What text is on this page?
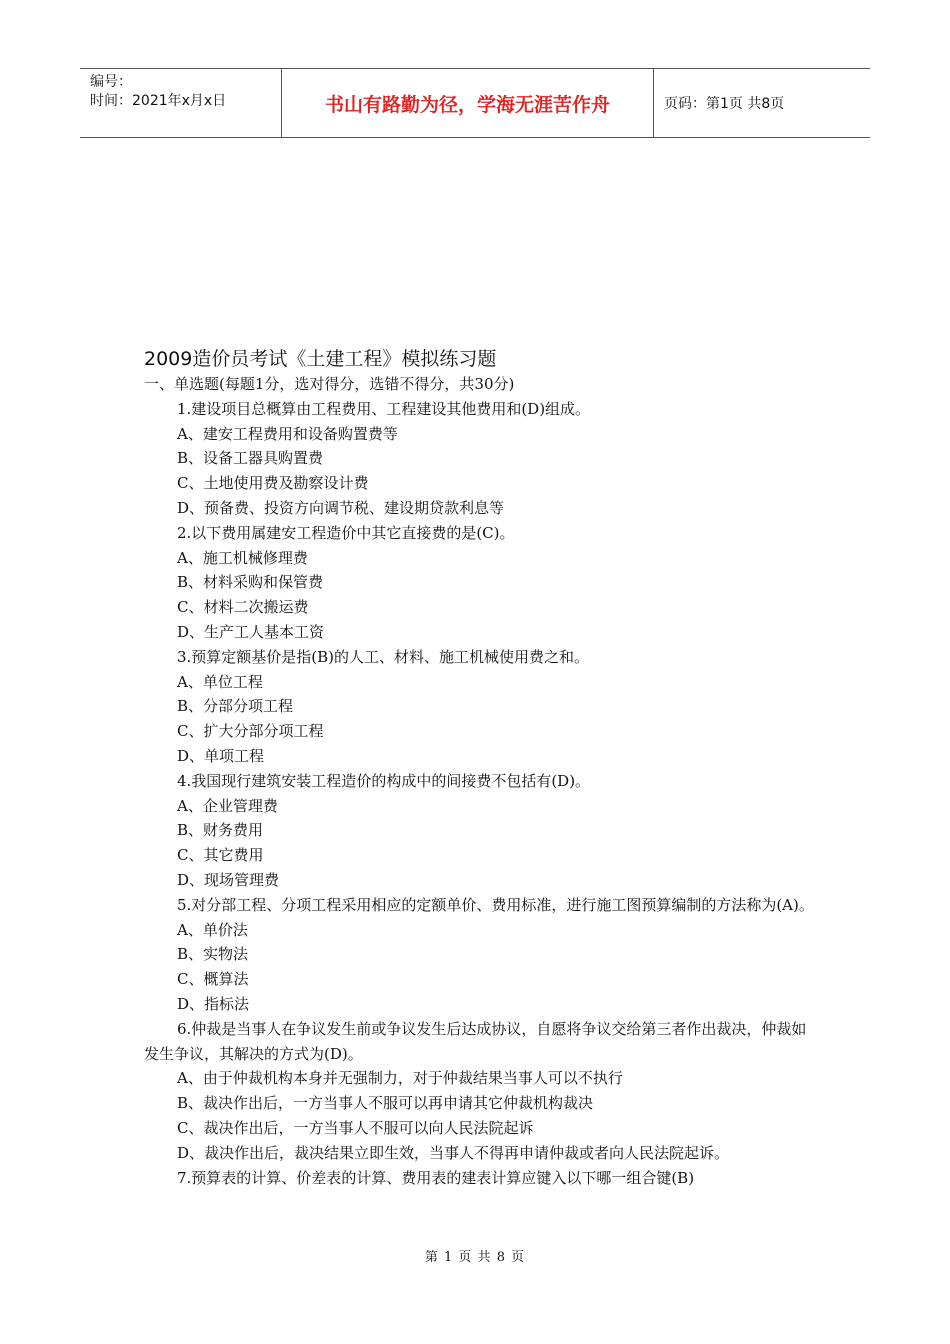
编号：
时间：2021年x月x日	书山有路勤为径，学海无涯苦作舟	页码：第1页 共8页
2009造价员考试《土建工程》模拟练习题
一、单选题(每题1分，选对得分，选错不得分，共30分)

1.建设项目总概算由工程费用、工程建设其他费用和(D)组成。

A、建安工程费用和设备购置费等

B、设备工器具购置费

C、土地使用费及勘察设计费

D、预备费、投资方向调节税、建设期贷款利息等

2.以下费用属建安工程造价中其它直接费的是(C)。

A、施工机械修理费

B、材料采购和保管费

C、材料二次搬运费

D、生产工人基本工资

3.预算定额基价是指(B)的人工、材料、施工机械使用费之和。

A、单位工程

B、分部分项工程

C、扩大分部分项工程

D、单项工程

4.我国现行建筑安装工程造价的构成中的间接费不包括有(D)。

A、企业管理费

B、财务费用

C、其它费用

D、现场管理费

5.对分部工程、分项工程采用相应的定额单价、费用标准，进行施工图预算编制的方法称为(A)。

A、单价法

B、实物法

C、概算法

D、指标法

6.仲裁是当事人在争议发生前或争议发生后达成协议，自愿将争议交给第三者作出裁决，仲裁如发生争议，其解决的方式为(D)。

A、由于仲裁机构本身并无强制力，对于仲裁结果当事人可以不执行

B、裁决作出后，一方当事人不服可以再申请其它仲裁机构裁决

C、裁决作出后，一方当事人不服可以向人民法院起诉

D、裁决作出后，裁决结果立即生效，当事人不得再申请仲裁或者向人民法院起诉。

7.预算表的计算、价差表的计算、费用表的建表计算应键入以下哪一组合键(B)

第 1 页 共 8 页
